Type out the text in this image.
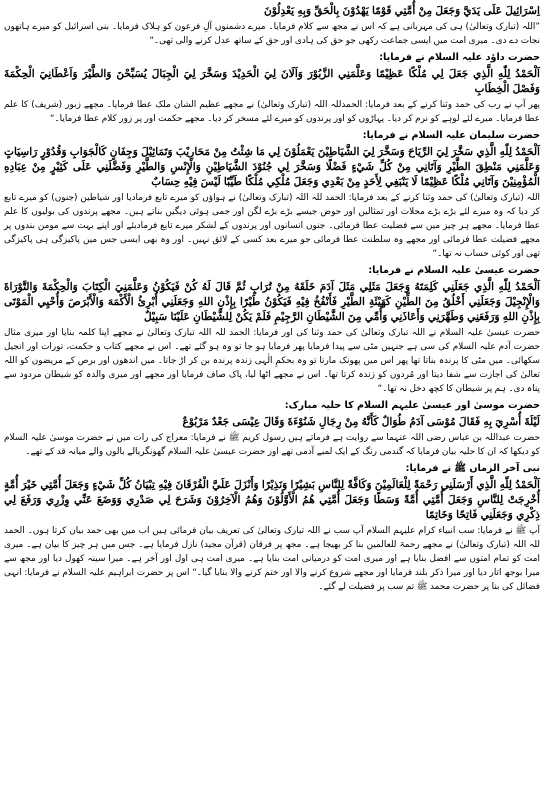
اِسْرَائِيلَ عَلَى يَدَيَّ وَجَعَلَ مِنْ أُمَّتِي قَوْمًا يَهْدُوْنَ بِالْحَقِّ وَبِهِ يَعْدِلُوْنَ

”اللہ (تبارک وتعالیٰ) ہی کی مہربانی ہے کہ اس نے مجھ سے کلام فرمایا۔ میرے دشمنوں آلِ فرعون کو ہلاک فرمایا۔ بنی اسرائیل کو میرے ہاتھوں نجات دے دی۔ میری امت میں ایسی جماعت رکھی جو حق کی ہادی اور حق کے ساتھ عدل کرنے والی تھی۔“

حضرت داؤد علیہ السلام نے فرمایا:

اَلْحَمْدُ لِلّٰهِ الَّذِي جَعَلَ لِي مُلْكًا عَظِيْمًا وَعَلَّمَنِي الزَّبُوْرَ وَاَلَانَ لِيَ الْحَدِيْدَ وَسَخَّرَ لِيَ الْجِبَالَ يُسَبِّحْنَ وَالطَّيْرَ وَاَعْطَانِيَ الْحِكْمَةَ وَفَصْلَ الْخِطَابِ

پھر آپ نے رب کی حمد وثنا کرنے کے بعد فرمایا: الحمدللہ اللہ (تبارک وتعالیٰ) نے مجھے عظیم الشان ملک عطا فرمایا۔ مجھے زبور (شریف) کا علم عطا فرمایا۔ میرے لئے لوہے کو نرم کر دیا۔ پہاڑوں کو اور پرندوں کو میرے لئے مسخر کر دیا۔ مجھے حکمت اور پر زور کلام عطا فرمایا۔“

حضرت سلیمان علیہ السلام نے فرمایا:

اَلْحَمْدُ لِلّٰهِ الَّذِي سَخَّرَ لِيَ الرِّيَاحَ وَسَخَّرَ لِيَ الشَّيَاطِيْنَ يَعْمَلُوْنَ لِي مَا شِئْتُ مِنْ مَحَارِيْبَ وَتَمَاثِيْلَ وَجِفَانٍ كَالْجَوَابِ وَقُدُوْرٍ رَاسِيَاتٍ وَعَلَّمَنِي مَنْطِقَ الطَّيْرِ وَآتَانِي مِنْ كُلِّ شَيْءٍ فَضْلًا وَسَخَّرَ لِي جُنُوْدَ الشَّيَاطِيْنِ وَالْإِنْسِ وَالطَّيْرِ وَفَضَّلَنِي عَلَى كَثِيْرٍ مِنْ عِبَادِهِ الْمُؤْمِنِيْنَ وَآتَانِي مُلْكًا عَظِيْمًا لَا يَنْبَغِي لِأَحَدٍ مِنْ بَعْدِي وَجَعَلَ مُلْكِي مُلْكًا طَيِّبًا لَيْسَ فِيْهِ حِسَابٌ

اللہ (تبارک وتعالیٰ) کی حمد وثنا کرنے کے بعد فرمایا: الحمد للہ اللہ (تبارک وتعالیٰ) نے ہواؤں کو میرے تابع فرمادیا اور شیاطین (جنوں) کو میرے تابع کر دیا کہ وہ میرے لئے بڑے بڑے محلات اور تمثالیں اور حوض جیسے بڑے بڑے لگن اور جمی ہوئی دیگیں بناتے ہیں۔ مجھے پرندوں کی بولیوں کا علم عطا فرمایا۔ مجھے ہر چیز میں سے فضلیت عطا فرمائی۔ جنوں انسانوں اور پرندوں کے لشکر میرے تابع فرمادیئے اور اپنے بہت سے مومن بندوں پر مجھے فضیلت عطا فرمائی اور مجھے وہ سلطنت عطا فرمائی جو میرے بعد کسی کے لائق نہیں۔ اور وہ بھی ایسی جس میں پاکیزگی ہی پاکیزگی تھی اور کوئی حساب نہ تھا۔“

حضرت عیسیٰ علیہ السلام نے فرمایا:

اَلْحَمْدُ لِلّٰهِ الَّذِي جَعَلَنِي كَلِمَتَهُ وَجَعَلَ مَثَلِي مَثَلَ آدَمَ خَلَقَهُ مِنْ تُرَابٍ ثُمَّ قَالَ لَهُ كُنْ فَيَكُوْنُ وَعَلَّمَنِيَ الْكِتَابَ وَالْحِكْمَةَ وَالتَّوْرَاةَ وَالْإِنْجِيْلَ وَجَعَلَنِي أَخْلُقُ مِنَ الطِّيْنِ كَهَيْئَةِ الطَّيْرِ فَأَنْفُخُ فِيْهِ فَيَكُوْنُ طَيْرًا بِإِذْنِ اللهِ وَجَعَلَنِي أُبْرِئُ الْأَكْمَهَ وَالْأَبْرَصَ وَأُحْيِي الْمَوْتَى بِإِذْنِ اللهِ وَرَفَعَنِي وَطَهَّرَنِي وَأَعَاذَنِي وَأُمِّي مِنَ الشَّيْطَانِ الرَّجِيْمِ فَلَمْ يَكُنْ لِلشَّيْطَانِ عَلَيْنَا سَبِيْلٌ

حضرت عیسیٰ علیہ السلام نے اللہ تبارک وتعالیٰ کی حمد وثنا کی اور فرمایا: الحمد للہ اللہ تبارک وتعالیٰ نے مجھے اپنا کلمہ بنایا اور میری مثال حضرت آدم علیہ السلام کی سی ہے جنہیں مٹی سے پیدا فرمایا پھر فرمایا ہو جا تو وہ ہو گئے تھے۔ اس نے مجھے کتاب و حکمت، تورات اور انجیل سکھائی۔ میں مٹی کا پرندہ بناتا تھا پھر اس میں پھونک مارتا تو وہ بحکمِ الٰہی زندہ پرندہ بن کر اڑ جاتا۔ میں اندھوں اور برص کے مریضوں کو اللہ تعالیٰ کی اجازت سے شفا دیتا اور مُردوں کو زندہ کرتا تھا۔ اس نے مجھے اٹھا لیا، پاک صاف فرمایا اور مجھے اور میری والدہ کو شیطان مردود سے پناہ دی۔ ہم پر شیطان کا کچھ دخل نہ تھا۔“

حضرت موسیٰ اور عیسیٰ علیہم السلام کا حلیہ مبارک:

لَيْلَةَ أُسْرِيَ بِهِ فَقَالَ مُوْسَى آدَمُ طُوَالٌ كَأَنَّهُ مِنْ رِجَالِ شَنُوْءَةَ وَقَالَ عِيْسَى جَعْدٌ مَرْبُوْعٌ

حضرت عبداللہ بن عباس رضی اللہ عنہما سے روایت ہے فرماتے ہیں رسول کریم ﷺ نے فرمایا: معراج کی رات میں نے حضرت موسیٰ علیہ السلام کو دیکھا کہ ان کا حلیہ بیان فرمایا کہ گندمی رنگ کے ایک لمبے آدمی تھے اور حضرت عیسیٰ علیہ السلام گھونگریالے بالوں والے میانہ قد کے تھے۔

نبی آخر الزماں ﷺ نے فرمایا:

اَلْحَمْدُ لِلّٰهِ الَّذِي أَرْسَلَنِي رَحْمَةً لِلْعَالَمِيْنَ وَكَافَّةً لِلنَّاسِ بَشِيْرًا وَنَذِيْرًا وَأَنْزَلَ عَلَيَّ الْفُرْقَانَ فِيْهِ تِبْيَانُ كُلِّ شَيْءٍ وَجَعَلَ أُمَّتِي خَيْرَ أُمَّةٍ أُخْرِجَتْ لِلنَّاسِ وَجَعَلَ أُمَّتِي أُمَّةً وَسَطًا وَجَعَلَ أُمَّتِي هُمُ الْأَوَّلُوْنَ وَهُمُ الْآخِرُوْنَ وَشَرَحَ لِي صَدْرِي وَوَضَعَ عَنِّي وِزْرِي وَرَفَعَ لِي ذِكْرِي وَجَعَلَنِي فَاتِحًا وَخَاتِمًا

آپ ﷺ نے فرمایا: سب انبیاء کرام علیہم السلام آپ سب نے اللہ تبارک وتعالیٰ کی تعریف بیان فرمائی ہیں اب میں بھی حمد بیان کرتا ہوں۔ الحمد للہ اللہ (تبارک وتعالیٰ) نے مجھے رحمۃ للعالمین بنا کر بھیجا ہے۔ مجھ پر فرقان (قرآن مجید) نازل فرمایا ہے۔ جس میں ہر چیز کا بیان ہے۔ میری امت کو تمام امتوں سے افضل بنایا ہے اور میری امت کو درمیانی امت بنایا ہے۔ میری امت ہی اول اور آخر ہے۔ میرا سینہ کھول دیا اور مجھ سے میرا بوجھ اتار دیا اور میرا ذکر بلند فرمایا اور مجھے شروع کرنے والا اور ختم کرنے والا بنایا گیا۔“ اس پر حضرت ابراہیم علیہ السلام نے فرمایا: انہی فضائل کی بنا پر حضرت محمد ﷺ تم سب پر فضیلت لے گئے۔
